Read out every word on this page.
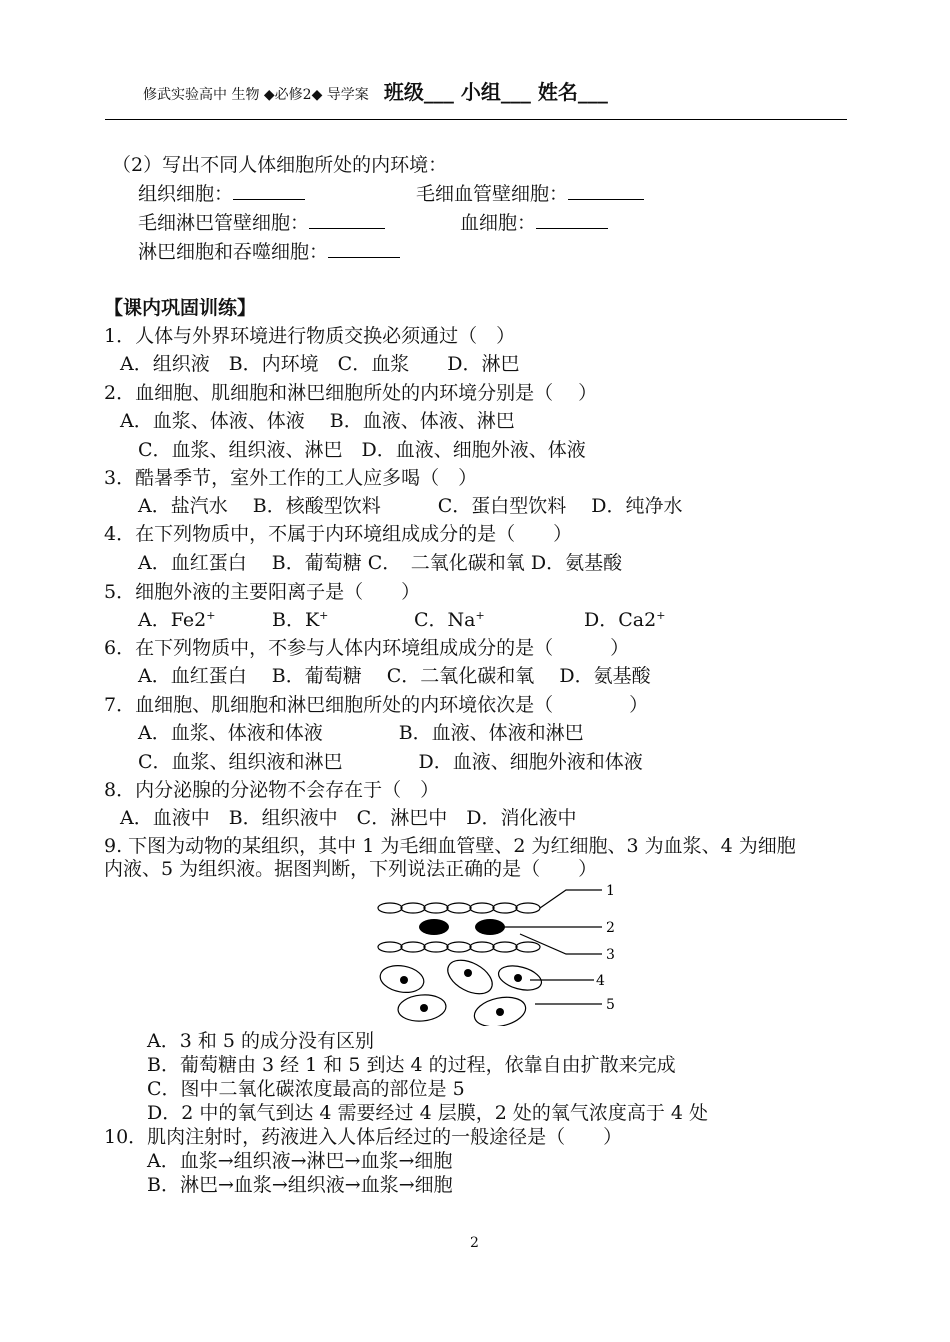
修武实验高中 生物 ◆必修2◆ 导学案 班级___ 小组___ 姓名___
（2）写出不同人体细胞所处的内环境：
组织细胞：	毛细血管壁细胞：
毛细淋巴管壁细胞：	血细胞：
淋巴细胞和吞噬细胞：
【课内巩固训练】
1．人体与外界环境进行物质交换必须通过（　）
A．组织液　B．内环境　C．血浆　　D．淋巴
2．血细胞、肌细胞和淋巴细胞所处的内环境分别是（　 ）
A．血浆、体液、体液　 B．血液、体液、淋巴
C．血浆、组织液、淋巴　D．血液、细胞外液、体液
3．酷暑季节，室外工作的工人应多喝（　）
A．盐汽水　 B．核酸型饮料　　　C．蛋白型饮料　 D．纯净水
4．在下列物质中，不属于内环境组成成分的是（　　）
A．血红蛋白　 B．葡萄糖 C．　二氧化碳和氧 D．氨基酸
5．细胞外液的主要阳离子是（　　）
A．Fe2+	B．K+	C．Na+	D．Ca2+
6．在下列物质中，不参与人体内环境组成成分的是（　　　）
A．血红蛋白　 B．葡萄糖　 C．二氧化碳和氧　 D．氨基酸
7．血细胞、肌细胞和淋巴细胞所处的内环境依次是（　　　　）
A．血浆、体液和体液　　　　B．血液、体液和淋巴
C．血浆、组织液和淋巴　　　　D．血液、细胞外液和体液
8．内分泌腺的分泌物不会存在于（　）
A．血液中　B．组织液中　C．淋巴中　D．消化液中
9. 下图为动物的某组织，其中 1 为毛细血管壁、2 为红细胞、3 为血浆、4 为细胞
内液、5 为组织液。据图判断，下列说法正确的是（　　）
1
2
3
4
5
A．3 和 5 的成分没有区别
B．葡萄糖由 3 经 1 和 5 到达 4 的过程，依靠自由扩散来完成
C．图中二氧化碳浓度最高的部位是 5
D．2 中的氧气到达 4 需要经过 4 层膜，2 处的氧气浓度高于 4 处
10．肌肉注射时，药液进入人体后经过的一般途径是（　　）
A．血浆→组织液→淋巴→血浆→细胞
B．淋巴→血浆→组织液→血浆→细胞
2
